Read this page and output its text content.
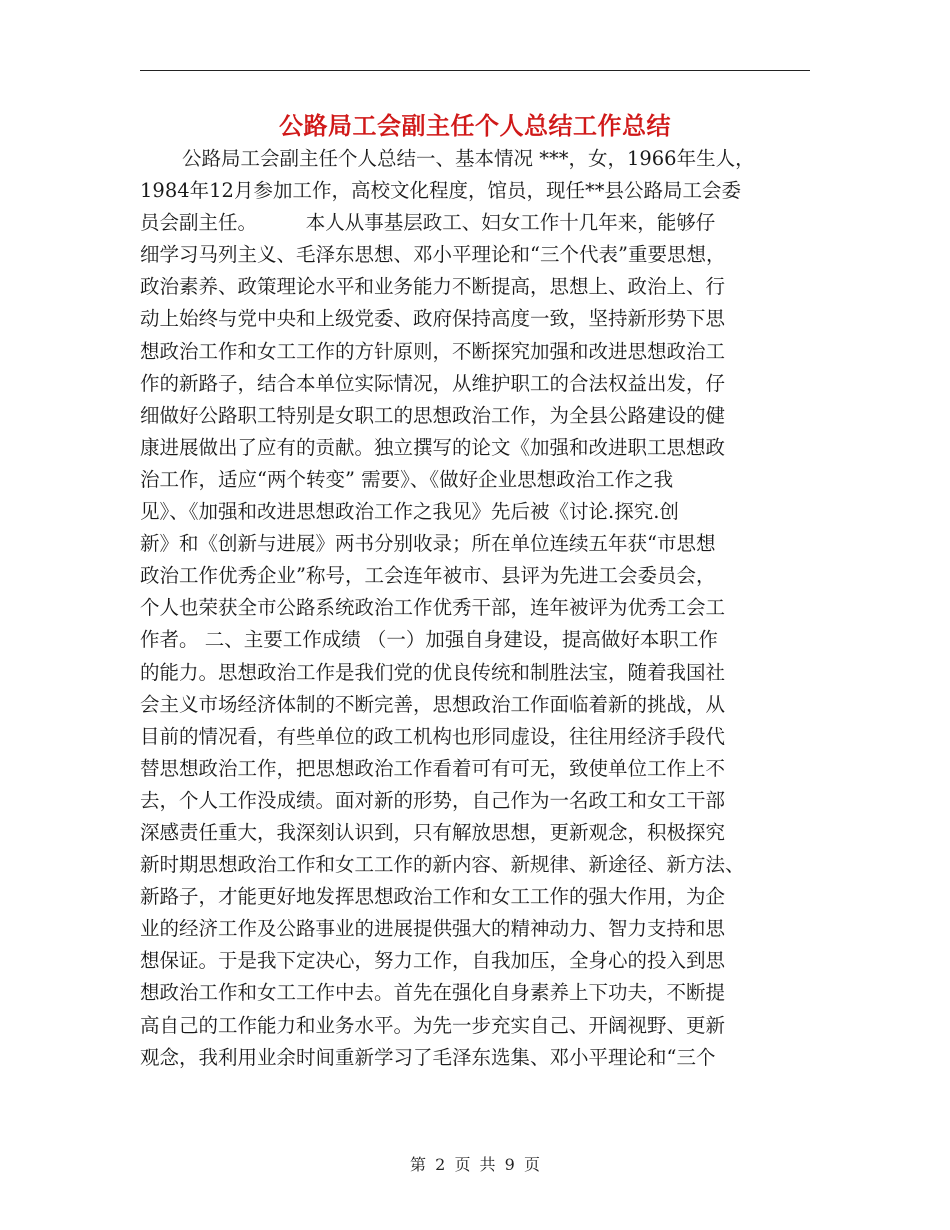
公路局工会副主任个人总结工作总结
公路局工会副主任个人总结一、基本情况 ***，女，1966年生人，
1984年12月参加工作，高校文化程度，馆员，现任**县公路局工会委
员会副主任。　　　本人从事基层政工、妇女工作十几年来，能够仔
细学习马列主义、毛泽东思想、邓小平理论和“三个代表”重要思想，
政治素养、政策理论水平和业务能力不断提高，思想上、政治上、行
动上始终与党中央和上级党委、政府保持高度一致，坚持新形势下思
想政治工作和女工工作的方针原则，不断探究加强和改进思想政治工
作的新路子，结合本单位实际情况，从维护职工的合法权益出发，仔
细做好公路职工特别是女职工的思想政治工作，为全县公路建设的健
康进展做出了应有的贡献。独立撰写的论文《加强和改进职工思想政
治工作，适应“两个转变” 需要》、《做好企业思想政治工作之我
见》、《加强和改进思想政治工作之我见》先后被《讨论.探究.创
新》和《创新与进展》两书分别收录；所在单位连续五年获“市思想
政治工作优秀企业”称号，工会连年被市、县评为先进工会委员会，
个人也荣获全市公路系统政治工作优秀干部，连年被评为优秀工会工
作者。 二、主要工作成绩 （一）加强自身建设，提高做好本职工作
的能力。思想政治工作是我们党的优良传统和制胜法宝，随着我国社
会主义市场经济体制的不断完善，思想政治工作面临着新的挑战，从
目前的情况看，有些单位的政工机构也形同虚设，往往用经济手段代
替思想政治工作，把思想政治工作看着可有可无，致使单位工作上不
去，个人工作没成绩。面对新的形势，自己作为一名政工和女工干部
深感责任重大，我深刻认识到，只有解放思想，更新观念，积极探究
新时期思想政治工作和女工工作的新内容、新规律、新途径、新方法、
新路子，才能更好地发挥思想政治工作和女工工作的强大作用，为企
业的经济工作及公路事业的进展提供强大的精神动力、智力支持和思
想保证。于是我下定决心，努力工作，自我加压，全身心的投入到思
想政治工作和女工工作中去。首先在强化自身素养上下功夫，不断提
高自己的工作能力和业务水平。为先一步充实自己、开阔视野、更新
观念，我利用业余时间重新学习了毛泽东选集、邓小平理论和“三个
第 2 页 共 9 页
